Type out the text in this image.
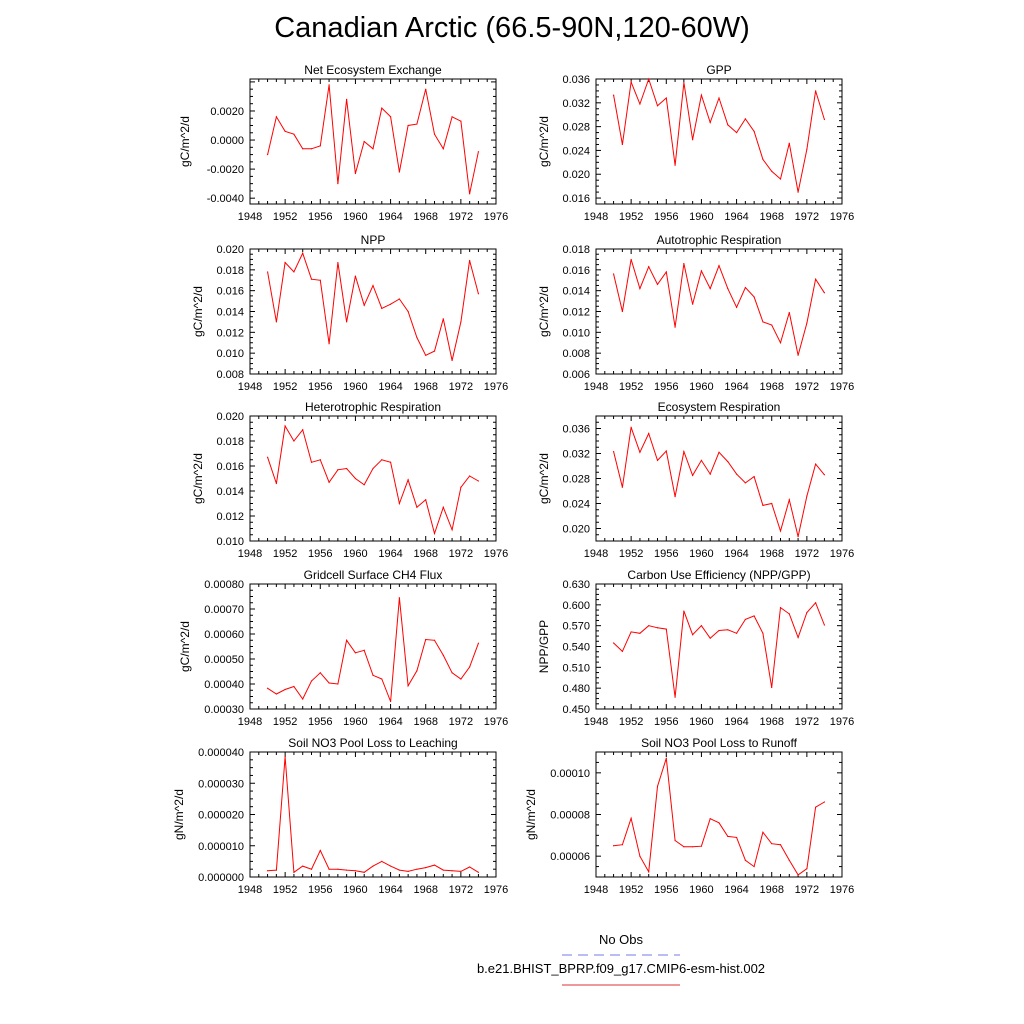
Canadian Arctic (66.5-90N,120-60W)
Net Ecosystem Exchange
1948 1952 1956 1960 1964 1968 1972 1976
-0.0040
-0.0020
0.0000
0.0020
gC/m^2/d
GPP
1948 1952 1956 1960 1964 1968 1972 1976
0.016
0.020
0.024
0.028
0.032
0.036
gC/m^2/d
NPP
1948 1952 1956 1960 1964 1968 1972 1976
0.008
0.010
0.012
0.014
0.016
0.018
0.020
gC/m^2/d
Autotrophic Respiration
1948 1952 1956 1960 1964 1968 1972 1976
0.006
0.008
0.010
0.012
0.014
0.016
0.018
gC/m^2/d
Heterotrophic Respiration
1948 1952 1956 1960 1964 1968 1972 1976
0.010
0.012
0.014
0.016
0.018
0.020
gC/m^2/d
Ecosystem Respiration
1948 1952 1956 1960 1964 1968 1972 1976
0.020
0.024
0.028
0.032
0.036
gC/m^2/d
Gridcell Surface CH4 Flux
1948 1952 1956 1960 1964 1968 1972 1976
0.00030
0.00040
0.00050
0.00060
0.00070
0.00080
gC/m^2/d
Carbon Use Efficiency (NPP/GPP)
1948 1952 1956 1960 1964 1968 1972 1976
0.450
0.480
0.510
0.540
0.570
0.600
0.630
NPP/GPP
Soil NO3 Pool Loss to Leaching
1948 1952 1956 1960 1964 1968 1972 1976
0.000000
0.000010
0.000020
0.000030
0.000040
gN/m^2/d
Soil NO3 Pool Loss to Runoff
1948 1952 1956 1960 1964 1968 1972 1976
0.00006
0.00008
0.00010
gN/m^2/d
No Obs
b.e21.BHIST_BPRP.f09_g17.CMIP6-esm-hist.002
